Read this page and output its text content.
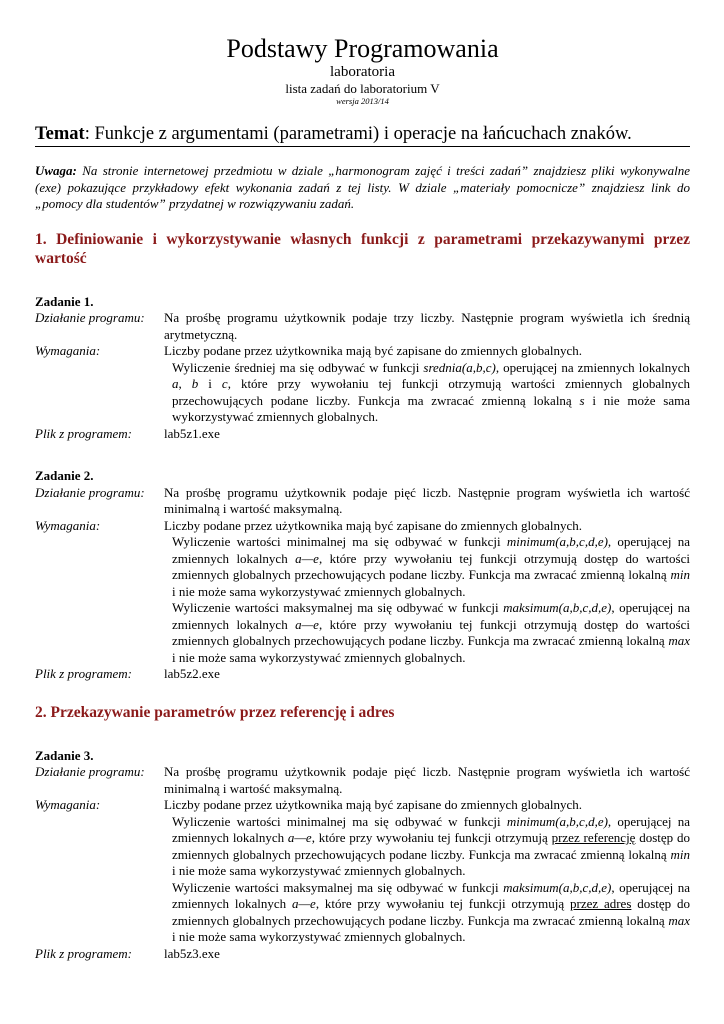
Podstawy Programowania
laboratoria
lista zadań do laboratorium V
wersja 2013/14
Temat: Funkcje z argumentami (parametrami) i operacje na łańcuchach znaków.
Uwaga: Na stronie internetowej przedmiotu w dziale „harmonogram zajęć i treści zadań” znajdziesz pliki wykonywalne (exe) pokazujące przykładowy efekt wykonania zadań z tej listy. W dziale „materiały pomocnicze” znajdziesz link do „pomocy dla studentów” przydatnej w rozwiązywaniu zadań.
1. Definiowanie i wykorzystywanie własnych funkcji z parametrami przekazywanymi przez wartość
Zadanie 1.
Działanie programu:	Na prośbę programu użytkownik podaje trzy liczby. Następnie program wyświetla ich średnią arytmetyczną.
Wymagania:	Liczby podane przez użytkownika mają być zapisane do zmiennych globalnych.

Wyliczenie średniej ma się odbywać w funkcji srednia(a,b,c), operującej na zmiennych lokalnych a, b i c, które przy wywołaniu tej funkcji otrzymują wartości zmiennych globalnych przechowujących podane liczby. Funkcja ma zwracać zmienną lokalną s i nie może sama wykorzystywać zmiennych globalnych.

Plik z programem:	lab5z1.exe
Zadanie 2.
Działanie programu:	Na prośbę programu użytkownik podaje pięć liczb. Następnie program wyświetla ich wartość minimalną i wartość maksymalną.
Wymagania:	Liczby podane przez użytkownika mają być zapisane do zmiennych globalnych.

Wyliczenie wartości minimalnej ma się odbywać w funkcji minimum(a,b,c,d,e), operującej na zmiennych lokalnych a—e, które przy wywołaniu tej funkcji otrzymują dostęp do wartości zmiennych globalnych przechowujących podane liczby. Funkcja ma zwracać zmienną lokalną min i nie może sama wykorzystywać zmiennych globalnych.

Wyliczenie wartości maksymalnej ma się odbywać w funkcji maksimum(a,b,c,d,e), operującej na zmiennych lokalnych a—e, które przy wywołaniu tej funkcji otrzymują dostęp do wartości zmiennych globalnych przechowujących podane liczby. Funkcja ma zwracać zmienną lokalną max i nie może sama wykorzystywać zmiennych globalnych.

Plik z programem:	lab5z2.exe
2. Przekazywanie parametrów przez referencję i adres
Zadanie 3.
Działanie programu:	Na prośbę programu użytkownik podaje pięć liczb. Następnie program wyświetla ich wartość minimalną i wartość maksymalną.
Wymagania:	Liczby podane przez użytkownika mają być zapisane do zmiennych globalnych.

Wyliczenie wartości minimalnej ma się odbywać w funkcji minimum(a,b,c,d,e), operującej na zmiennych lokalnych a—e, które przy wywołaniu tej funkcji otrzymują przez referencję dostęp do zmiennych globalnych przechowujących podane liczby. Funkcja ma zwracać zmienną lokalną min i nie może sama wykorzystywać zmiennych globalnych.

Wyliczenie wartości maksymalnej ma się odbywać w funkcji maksimum(a,b,c,d,e), operującej na zmiennych lokalnych a—e, które przy wywołaniu tej funkcji otrzymują przez adres dostęp do zmiennych globalnych przechowujących podane liczby. Funkcja ma zwracać zmienną lokalną max i nie może sama wykorzystywać zmiennych globalnych.

Plik z programem:	lab5z3.exe
